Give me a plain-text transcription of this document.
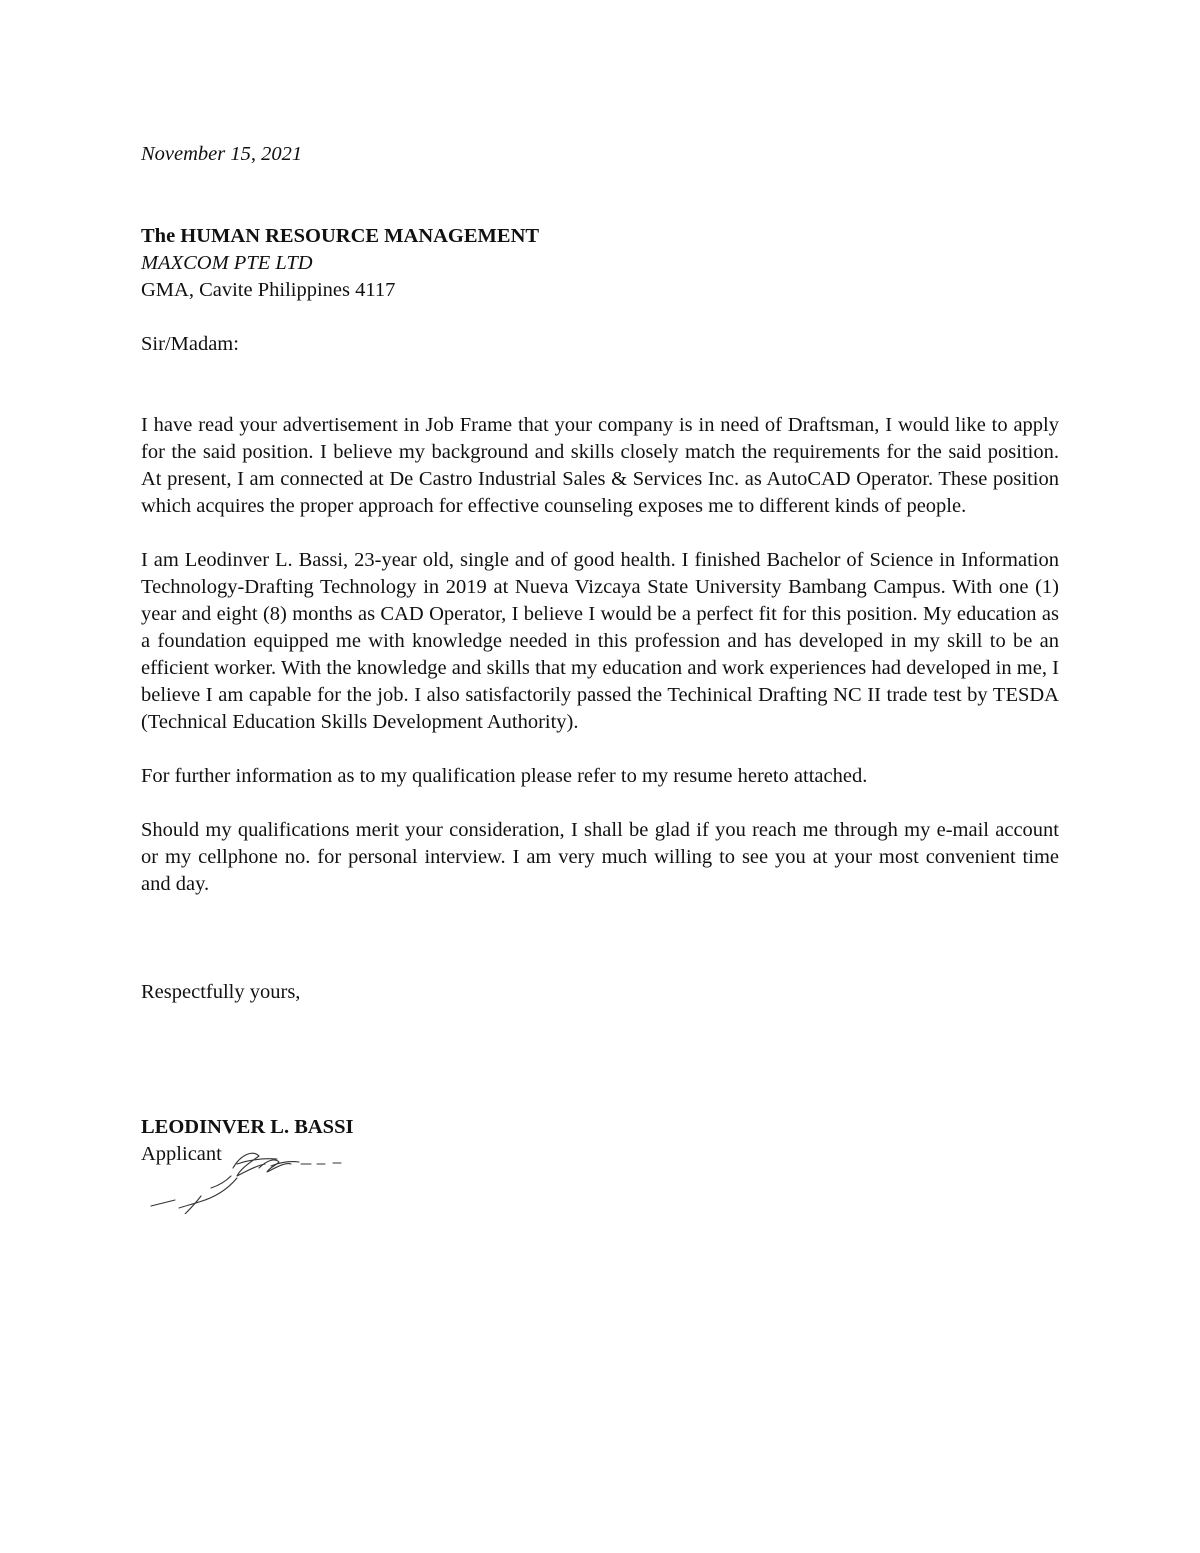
November 15, 2021

The HUMAN RESOURCE MANAGEMENT
MAXCOM PTE LTD
GMA, Cavite Philippines 4117
Sir/Madam:

I have read your advertisement in Job Frame that your company is in need of Draftsman, I would like to apply for the said position. I believe my background and skills closely match the requirements for the said position. At present, I am connected at De Castro Industrial Sales & Services Inc. as AutoCAD Operator. These position which acquires the proper approach for effective counseling exposes me to different kinds of people.

I am Leodinver L. Bassi, 23-year old, single and of good health. I finished Bachelor of Science in Information Technology-Drafting Technology in 2019 at Nueva Vizcaya State University Bambang Campus. With one (1) year and eight (8) months as CAD Operator, I believe I would be a perfect fit for this position. My education as a foundation equipped me with knowledge needed in this profession and has developed in my skill to be an efficient worker. With the knowledge and skills that my education and work experiences had developed in me, I believe I am capable for the job. I also satisfactorily passed the Techinical Drafting NC II trade test by TESDA (Technical Education Skills Development Authority).

For further information as to my qualification please refer to my resume hereto attached.

Should my qualifications merit your consideration, I shall be glad if you reach me through my e-mail account or my cellphone no. for personal interview. I am very much willing to see you at your most convenient time and day.

Respectfully yours,
LEODINVER L. BASSI
Applicant
